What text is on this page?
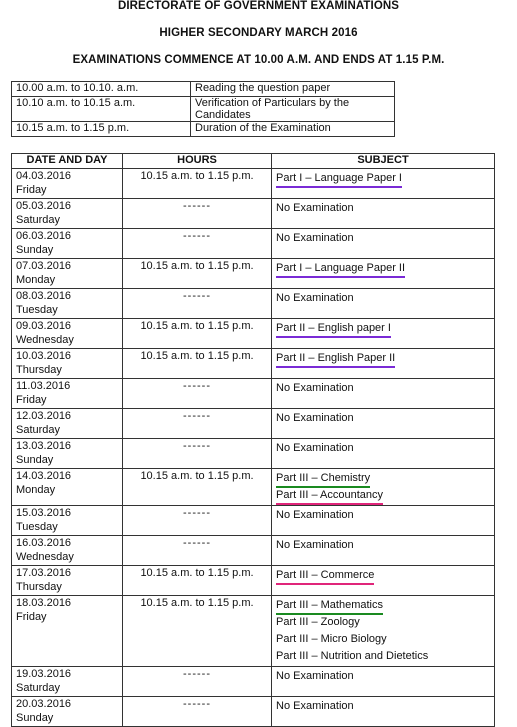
DIRECTORATE OF GOVERNMENT EXAMINATIONS
HIGHER SECONDARY MARCH 2016
EXAMINATIONS COMMENCE AT 10.00 A.M. AND ENDS AT 1.15 P.M.
10.00 a.m. to 10.10. a.m.	Reading the question paper
10.10 a.m. to 10.15 a.m.	Verification of Particulars by the Candidates
10.15 a.m. to 1.15 p.m.	Duration of the Examination
DATE AND DAY	HOURS	SUBJECT

04.03.2016
Friday	10.15 a.m. to 1.15 p.m.	Part I – Language Paper I

05.03.2016
Saturday	------	No Examination

06.03.2016
Sunday	------	No Examination

07.03.2016
Monday	10.15 a.m. to 1.15 p.m.	Part I – Language Paper II

08.03.2016
Tuesday	------	No Examination

09.03.2016
Wednesday	10.15 a.m. to 1.15 p.m.	Part II – English paper I

10.03.2016
Thursday	10.15 a.m. to 1.15 p.m.	Part II – English Paper II

11.03.2016
Friday	------	No Examination

12.03.2016
Saturday	------	No Examination

13.03.2016
Sunday	------	No Examination

14.03.2016
Monday	10.15 a.m. to 1.15 p.m.	Part III – Chemistry
Part III – Accountancy

15.03.2016
Tuesday	------	No Examination

16.03.2016
Wednesday	------	No Examination

17.03.2016
Thursday	10.15 a.m. to 1.15 p.m.	Part III – Commerce

18.03.2016
Friday	10.15 a.m. to 1.15 p.m.	Part III – Mathematics
Part III – Zoology
Part III – Micro Biology
Part III – Nutrition and Dietetics

19.03.2016
Saturday	------	No Examination

20.03.2016
Sunday	------	No Examination
